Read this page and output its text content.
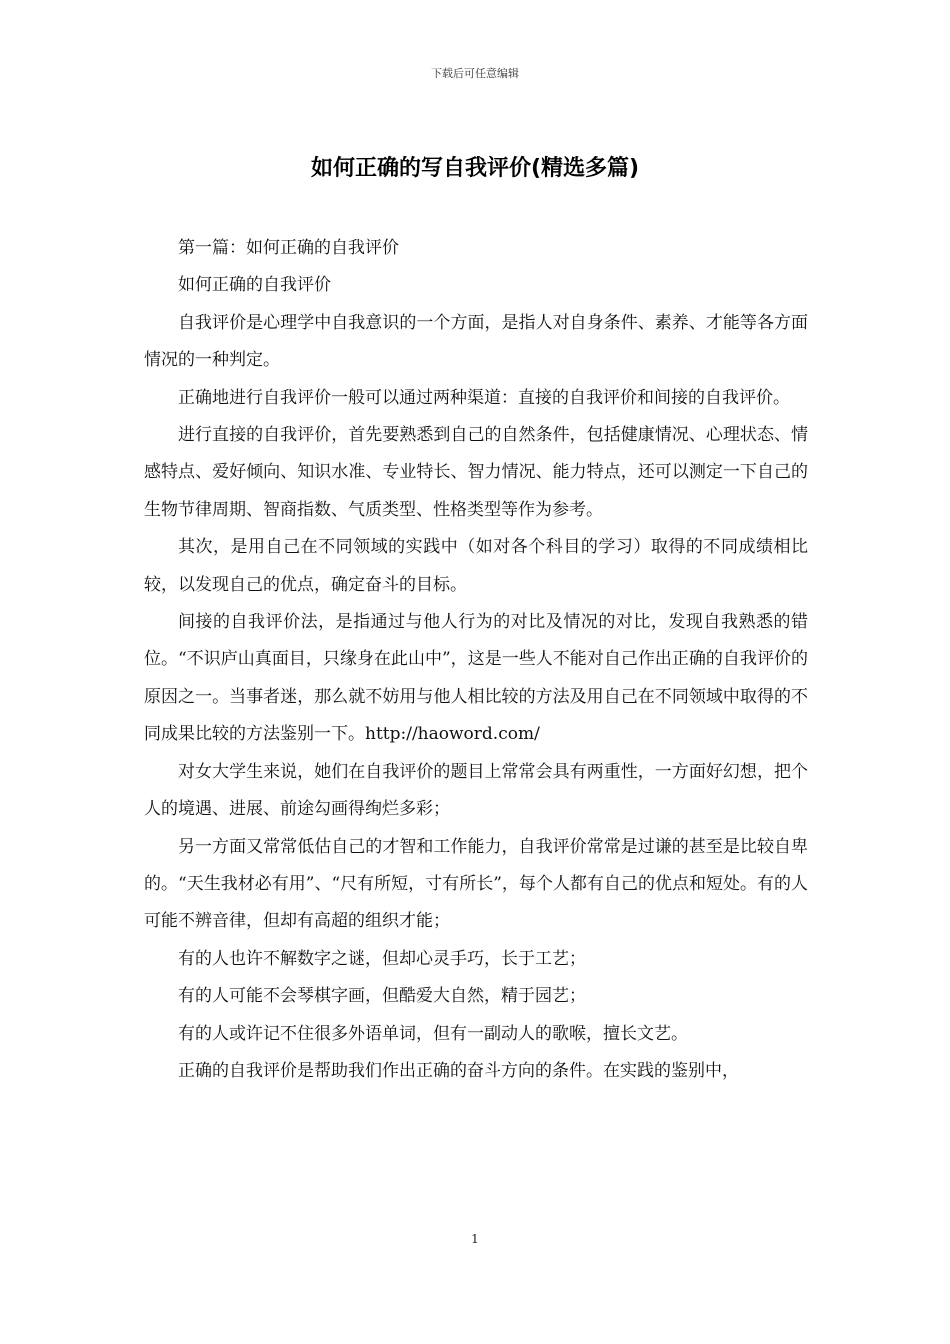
下载后可任意编辑
如何正确的写自我评价(精选多篇)

第一篇：如何正确的自我评价

如何正确的自我评价

自我评价是心理学中自我意识的一个方面，是指人对自身条件、素养、才能等各方面情况的一种判定。

正确地进行自我评价一般可以通过两种渠道：直接的自我评价和间接的自我评价。

进行直接的自我评价，首先要熟悉到自己的自然条件，包括健康情况、心理状态、情感特点、爱好倾向、知识水准、专业特长、智力情况、能力特点，还可以测定一下自己的生物节律周期、智商指数、气质类型、性格类型等作为参考。

其次，是用自己在不同领域的实践中（如对各个科目的学习）取得的不同成绩相比较，以发现自己的优点，确定奋斗的目标。

间接的自我评价法，是指通过与他人行为的对比及情况的对比，发现自我熟悉的错位。“不识庐山真面目，只缘身在此山中”，这是一些人不能对自己作出正确的自我评价的原因之一。当事者迷，那么就不妨用与他人相比较的方法及用自己在不同领域中取得的不同成果比较的方法鉴别一下。http://haoword.com/

对女大学生来说，她们在自我评价的题目上常常会具有两重性，一方面好幻想，把个人的境遇、进展、前途勾画得绚烂多彩；

另一方面又常常低估自己的才智和工作能力，自我评价常常是过谦的甚至是比较自卑的。“天生我材必有用”、“尺有所短，寸有所长”，每个人都有自己的优点和短处。有的人可能不辨音律，但却有高超的组织才能；

有的人也许不解数字之谜，但却心灵手巧，长于工艺；

有的人可能不会琴棋字画，但酷爱大自然，精于园艺；

有的人或许记不住很多外语单词，但有一副动人的歌喉，擅长文艺。

正确的自我评价是帮助我们作出正确的奋斗方向的条件。在实践的鉴别中，

1
